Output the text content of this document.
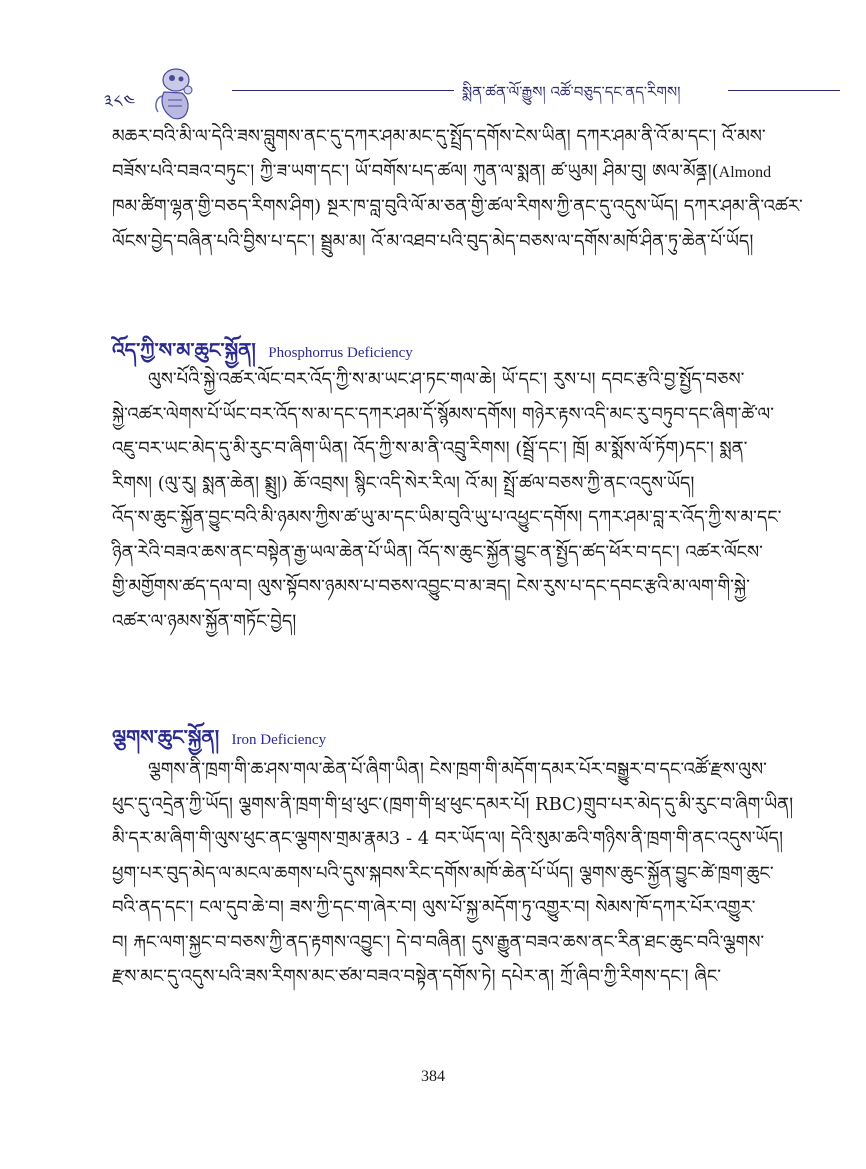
༣༨༤	སྨིན་ཚན་ལོ་རྒྱུས། འཚོ་བཅུད་དང་ནད་རིགས།
མཆར་བའི་མི་ལ་དེའི་ཟས་བླུགས་ནང་དུ་དཀར་ཤམ་མང་དུ་སྤྲོད་དགོས་ངེས་ཡིན། དཀར་ཤམ་ནི་འོ་མ་དང་། འོ་མས་
བཟོས་པའི་བཟའ་བཏུང་། ཀྱི་ཟ་ཡག་དང་། ཡོ་བགོས་པད་ཚལ། ཀུན་ལ་སྨན། ཚ་ཡུམ། ཤིམ་བུ། ཨལ་མོནྜ།(Almond
ཁམ་ཚིག་ལྷན་གྱི་བཅད་རིགས་ཤིག) སྔར་ཁ་བླ་བུའི་ལོ་མ་ཅན་གྱི་ཚལ་རིགས་ཀྱི་ནང་དུ་འདུས་ཡོད། དཀར་ཤམ་ནི་འཚར་
ལོངས་བྱེད་བཞིན་པའི་བྱིས་པ་དང་། སྦྲུམ་མ། འོ་མ་འཐབ་པའི་བུད་མེད་བཅས་ལ་དགོས་མཁོ་ཤིན་ཏུ་ཆེན་པོ་ཡོད།
འོད་ཀྱི་ས་མ་ཆུང་སྐྱོན། Phosphorrus Deficiency
ལུས་པོའི་སྐྱེ་འཚར་ལོང་བར་འོད་ཀྱི་ས་མ་ཡང་ཤ་ཏང་གལ་ཆེ། ཡོ་དང་། རུས་པ། དབང་རྩའི་བྱ་སྤྱོད་བཅས་
སྐྱེ་འཚར་ལེགས་པོ་ཡོང་བར་འོད་ས་མ་དང་དཀར་ཤམ་དོ་སྙོམས་དགོས། གཉེར་རྟས་འདི་མང་རུ་བཏུབ་དང་ཞིག་ཚེ་ལ་
འཇུ་བར་ཡང་མེད་དུ་མི་རུང་བ་ཞིག་ཡིན། འོད་ཀྱི་ས་མ་ནི་འབྲུ་རིགས། (སྦྲོ་དང་། ཁྲོ། མ་སྨོས་ལོ་ཏོག)དང་། སྨན་
རིགས། (ལུ་རུ། སྨན་ཆེན། སྨྲུ།) ཆོ་འབྲས། སྙིང་འདི་སེར་རིལ། འོ་མ། སྤྲོ་ཚལ་བཅས་ཀྱི་ནང་འདུས་ཡོད།
འོད་ས་ཆུང་སྐྱོན་བྱུང་བའི་མི་ཉམས་ཀྱིས་ཚ་ཡུ་མ་དང་ཡིམ་བུའི་ཡུ་པ་འཕྱུང་དགོས། དཀར་ཤམ་བླ་ར་འོད་ཀྱི་ས་མ་དང་
ཉིན་རེའི་བཟའ་ཆས་ནང་བསྟེན་རྒྱ་ཡལ་ཆེན་པོ་ཡིན། འོད་ས་ཆུང་སྐྱོན་བྱུང་ན་སྤྱོད་ཚད་ཕོར་བ་དང་། འཚར་ལོངས་
གྱི་མགྱོགས་ཚད་དལ་བ། ལུས་སྟོབས་ཉམས་པ་བཅས་འབྱུང་བ་མ་ཟད། ངེས་རུས་པ་དང་དབང་རྩའི་མ་ལག་གི་སྐྱེ་
འཚར་ལ་ཉམས་སྐྱོན་གཏོང་བྱེད།
ལྕགས་ཆུང་སྐྱོན། Iron Deficiency
ལྕགས་ནི་ཁྲག་གི་ཆ་ཤས་གལ་ཆེན་པོ་ཞིག་ཡིན། ངེས་ཁྲག་གི་མདོག་དམར་པོར་བསྒྱུར་བ་དང་འཚོ་རྫས་ལུས་
ཕུང་དུ་འདྲེན་ཀྱི་ཡོད། ལྕགས་ནི་ཁྲག་གི་ཕྲ་ཕུང་(ཁྲག་གི་ཕྲ་ཕུང་དམར་པོ། RBC)གྲུབ་པར་མེད་དུ་མི་རུང་བ་ཞིག་ཡིན།
མི་དར་མ་ཞིག་གི་ལུས་ཕུང་ནང་ལྕགས་གྲམ་རྣམ3 - 4 བར་ཡོད་ལ། དེའི་སུམ་ཆའི་གཉིས་ནི་ཁྲག་གི་ནང་འདུས་ཡོད།
ཕྱག་པར་བུད་མེད་ལ་མངལ་ཆགས་པའི་དུས་སྐབས་རིང་དགོས་མཁོ་ཆེན་པོ་ཡོད། ལྕགས་ཆུང་སྐྱོན་བྱུང་ཚེ་ཁྲག་ཆུང་
བའི་ནད་དང་། ངལ་དུབ་ཆེ་བ། ཟས་ཀྱི་དང་ག་ཞེར་བ། ལུས་པོ་སྐྱ་མདོག་ཏུ་འགྱུར་བ། སེམས་ཁོ་དཀར་པོར་འགྱུར་
བ། རྐང་ལག་སྐྱང་བ་བཅས་ཀྱི་ནད་རྟགས་འབྱུང་། དེ་བ་བཞིན། དུས་རྒྱུན་བཟའ་ཆས་ནང་རིན་ཐང་ཆུང་བའི་ལྕགས་
རྫས་མང་དུ་འདུས་པའི་ཟས་རིགས་མང་ཙམ་བཟའ་བསྟེན་དགོས་ཏེ། དཔེར་ན། ཀྲོ་ཞིབ་ཀྱི་རིགས་དང་། ཞིང་
384
